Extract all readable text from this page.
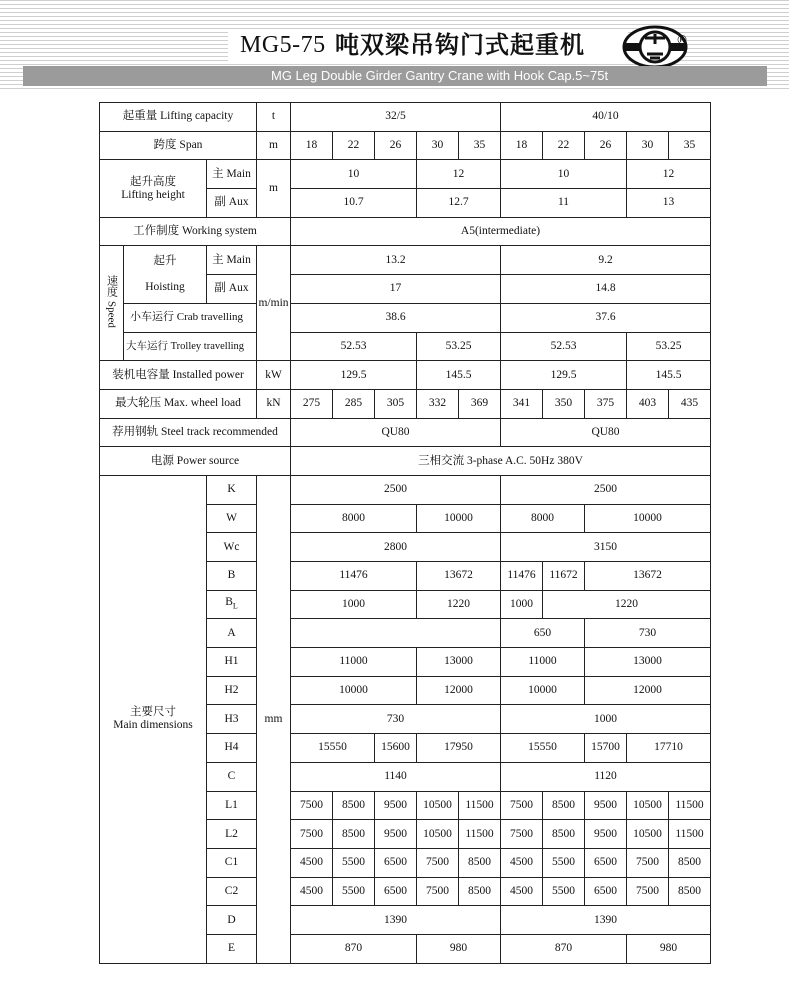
MG5-75 吨双梁吊钩门式起重机	®
MG Leg Double Girder Gantry Crane with Hook Cap.5~75t
起重量 Lifting capacity			t	32/5					40/10				
跨度 Span			m	18	22	26	30	35	18	22	26	30	35
起升高度
Lifting height		主 Main	m	10			12		10			12	
		副 Aux		10.7			12.7		11			13	
工作制度 Working system				A5(intermediate)									
速度
Speed	起升

Hoisting	主 Main	m/min	13.2					9.2				
		副 Aux		17					14.8				
	小车运行 Crab travelling			38.6					37.6				
	大车运行 Trolley travelling			52.53			53.25		52.53			53.25	
装机电容量 Installed power			kW	129.5			145.5		129.5			145.5	
最大轮压 Max. wheel load			kN	275	285	305	332	369	341	350	375	403	435
荐用钢轨 Steel track recommended				QU80					QU80				
电源 Power source				三相交流 3-phase A.C. 50Hz 380V									
主要尺寸
Main dimensions		K	mm	2500					2500				
		W		8000			10000		8000		10000		
		Wc		2800					3150				
		B		11476			13672		11476	11672	13672		
		$B_L$		1000			1220		1000	1220			
		A							650		730		
		H1		11000			13000		11000		13000		
		H2		10000			12000		10000		12000		
		H3		730					1000				
		H4		15550		15600	17950		15550		15700	17710	
		C		1140					1120				
		L1		7500	8500	9500	10500	11500	7500	8500	9500	10500	11500
		L2		7500	8500	9500	10500	11500	7500	8500	9500	10500	11500
		C1		4500	5500	6500	7500	8500	4500	5500	6500	7500	8500
		C2		4500	5500	6500	7500	8500	4500	5500	6500	7500	8500
		D		1390					1390				
		E		870			980		870			980	
